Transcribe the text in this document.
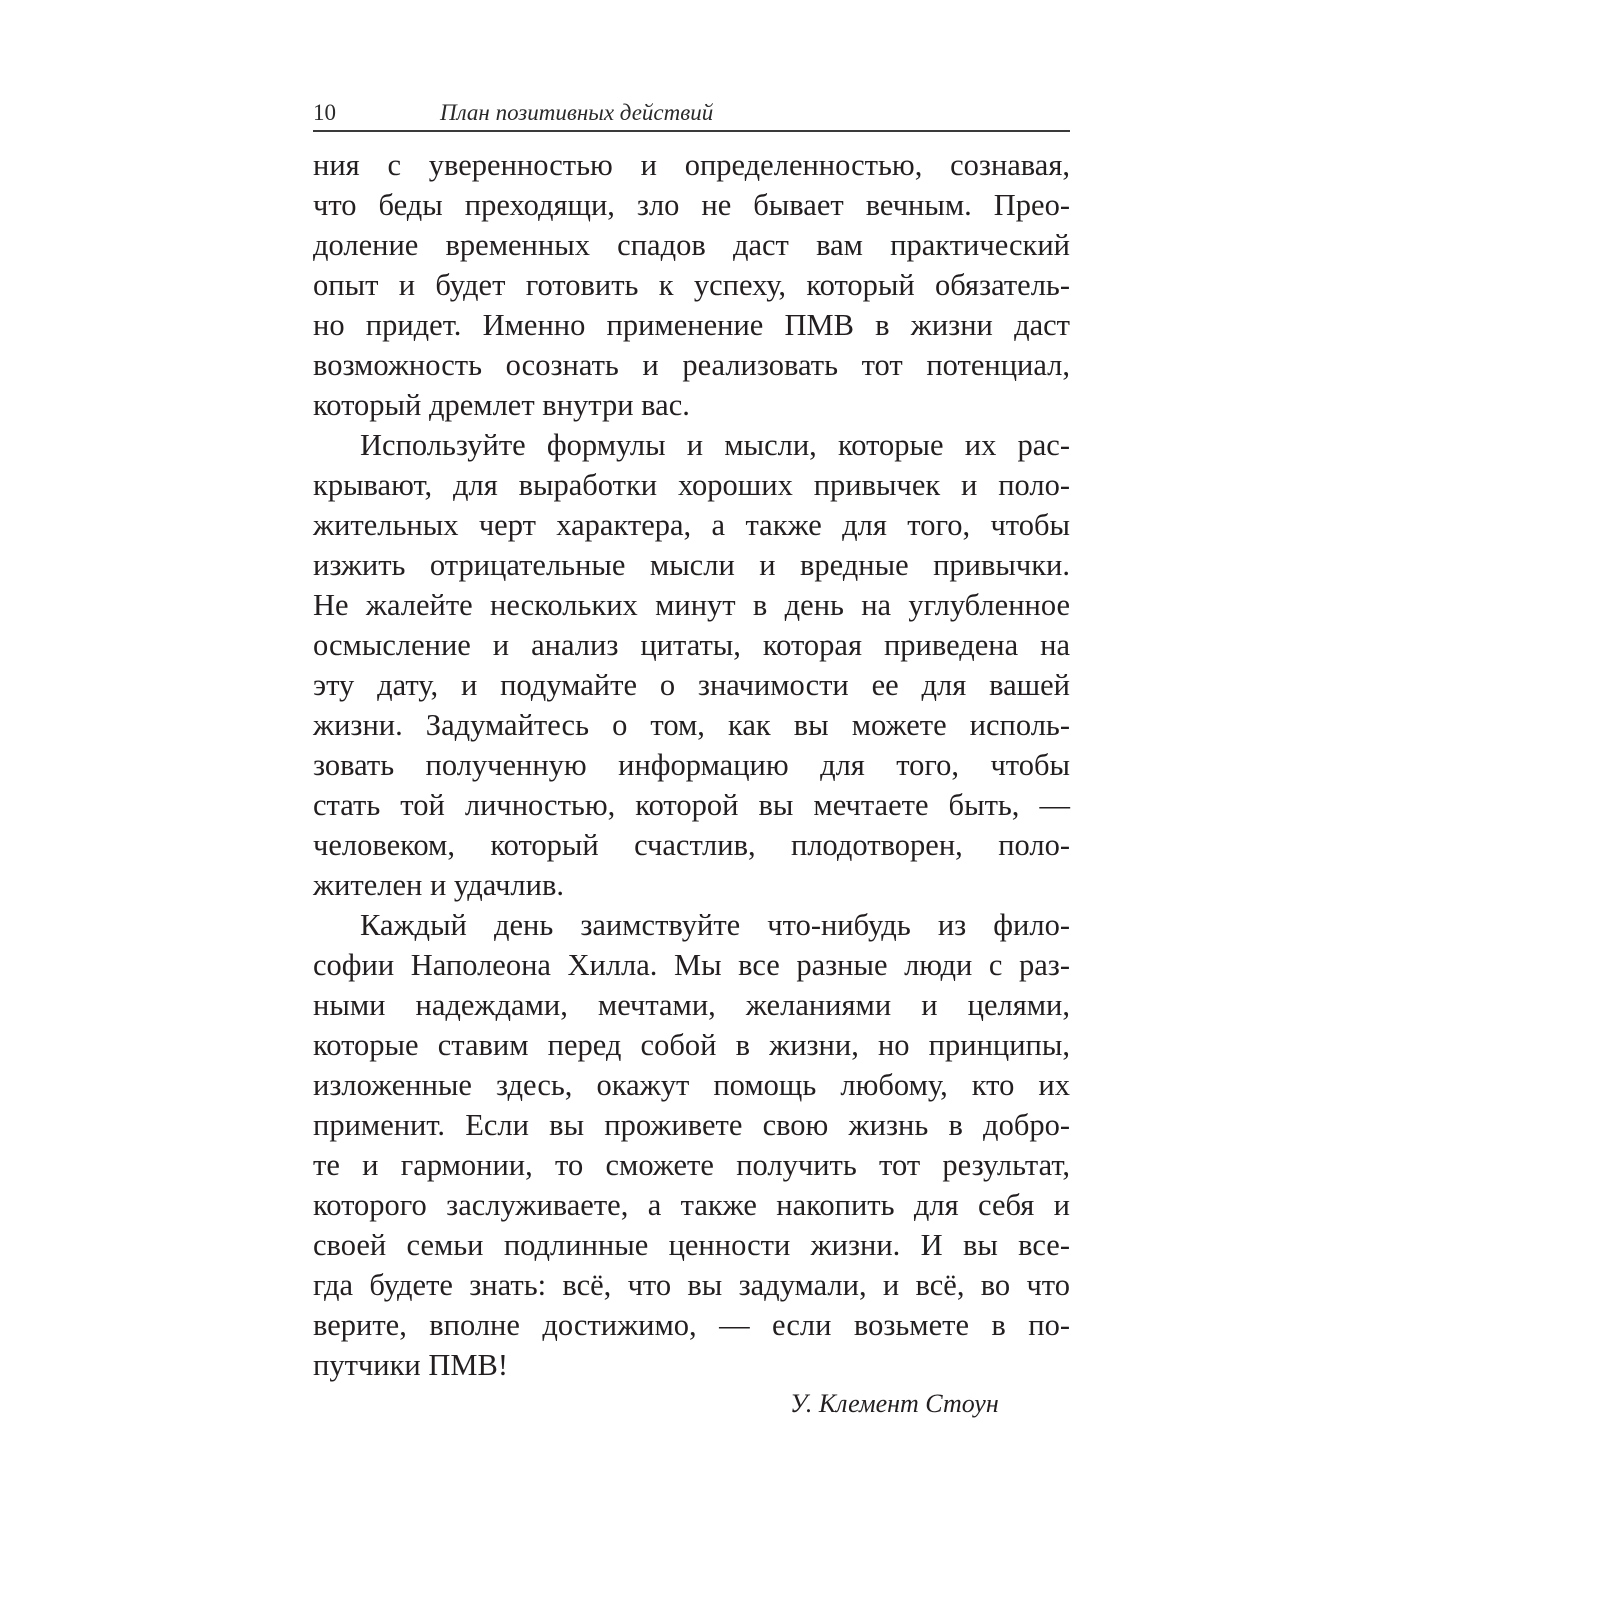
10	План позитивных действий
ния с уверенностью и определенностью, сознавая,
что беды преходящи, зло не бывает вечным. Прео-
доление временных спадов даст вам практический
опыт и будет готовить к успеху, который обязатель-
но придет. Именно применение ПМВ в жизни даст
возможность осознать и реализовать тот потенциал,
который дремлет внутри вас.
Используйте формулы и мысли, которые их рас-
крывают, для выработки хороших привычек и поло-
жительных черт характера, а также для того, чтобы
изжить отрицательные мысли и вредные привычки.
Не жалейте нескольких минут в день на углубленное
осмысление и анализ цитаты, которая приведена на
эту дату, и подумайте о значимости ее для вашей
жизни. Задумайтесь о том, как вы можете исполь-
зовать полученную информацию для того, чтобы
стать той личностью, которой вы мечтаете быть, —
человеком, который счастлив, плодотворен, поло-
жителен и удачлив.
Каждый день заимствуйте что-нибудь из фило-
софии Наполеона Хилла. Мы все разные люди с раз-
ными надеждами, мечтами, желаниями и целями,
которые ставим перед собой в жизни, но принципы,
изложенные здесь, окажут помощь любому, кто их
применит. Если вы проживете свою жизнь в добро-
те и гармонии, то сможете получить тот результат,
которого заслуживаете, а также накопить для себя и
своей семьи подлинные ценности жизни. И вы все-
гда будете знать: всё, что вы задумали, и всё, во что
верите, вполне достижимо, — если возьмете в по-
путчики ПМВ!
У. Клемент Стоун
